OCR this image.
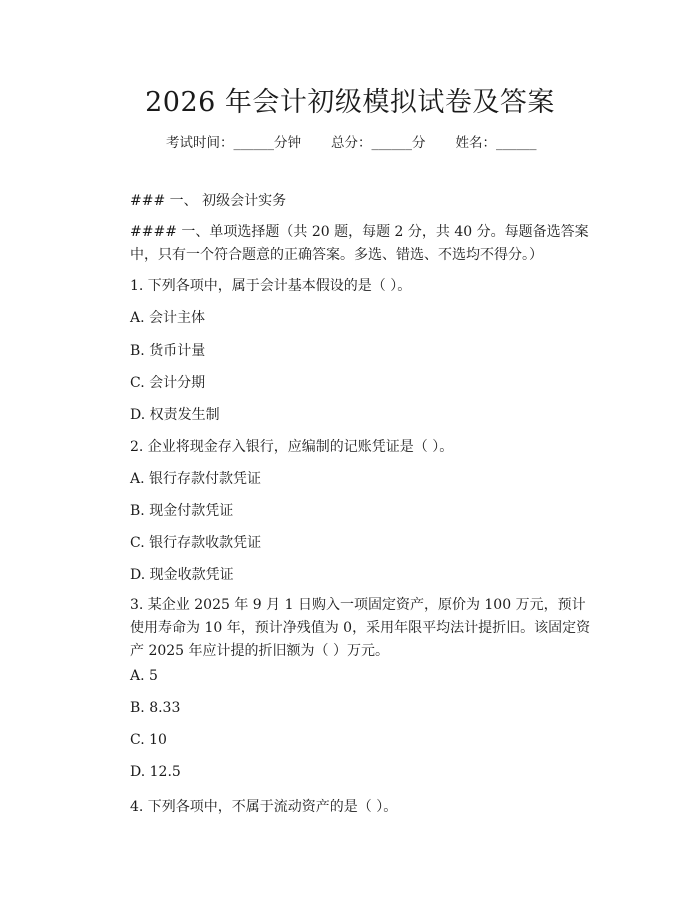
2026 年会计初级模拟试卷及答案
考试时间：______分钟 总分：______分 姓名：______
### 一、 初级会计实务
#### 一、单项选择题（共 20 题，每题 2 分，共 40 分。每题备选答案中，只有一个符合题意的正确答案。多选、错选、不选均不得分。）
1. 下列各项中，属于会计基本假设的是（ ）。
A. 会计主体
B. 货币计量
C. 会计分期
D. 权责发生制
2. 企业将现金存入银行，应编制的记账凭证是（ ）。
A. 银行存款付款凭证
B. 现金付款凭证
C. 银行存款收款凭证
D. 现金收款凭证
3. 某企业 2025 年 9 月 1 日购入一项固定资产，原价为 100 万元，预计使用寿命为 10 年，预计净残值为 0，采用年限平均法计提折旧。该固定资产 2025 年应计提的折旧额为（ ）万元。
A. 5
B. 8.33
C. 10
D. 12.5
4. 下列各项中，不属于流动资产的是（ ）。
